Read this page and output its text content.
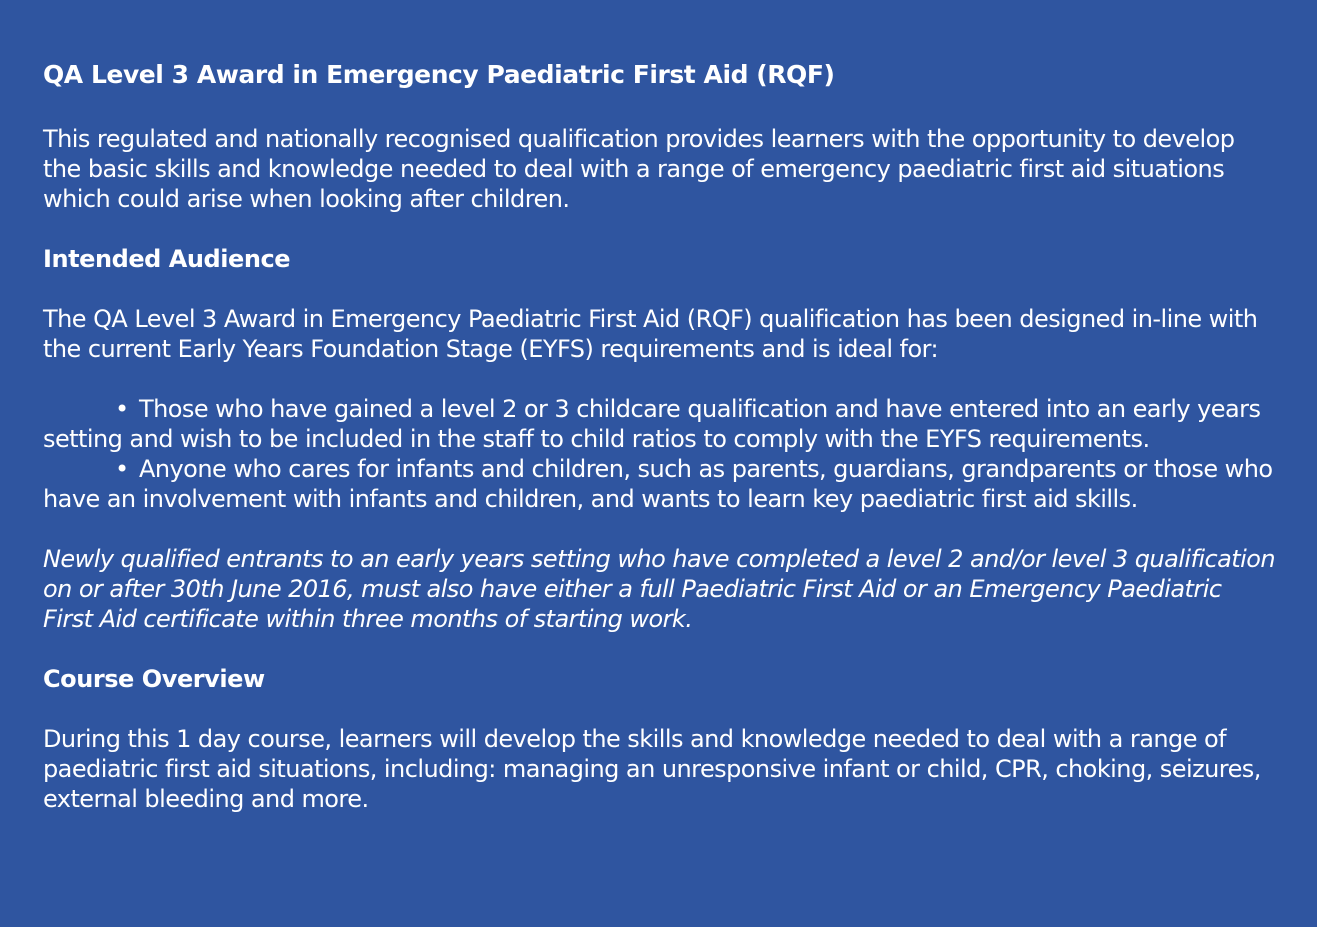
QA Level 3 Award in Emergency Paediatric First Aid (RQF)

This regulated and nationally recognised qualification provides learners with the opportunity to develop the basic skills and knowledge needed to deal with a range of emergency paediatric first aid situations which could arise when looking after children.

Intended Audience

The QA Level 3 Award in Emergency Paediatric First Aid (RQF) qualification has been designed in-line with the current Early Years Foundation Stage (EYFS) requirements and is ideal for:

• Those who have gained a level 2 or 3 childcare qualification and have entered into an early years setting and wish to be included in the staff to child ratios to comply with the EYFS requirements.
• Anyone who cares for infants and children, such as parents, guardians, grandparents or those who have an involvement with infants and children, and wants to learn key paediatric first aid skills.

Newly qualified entrants to an early years setting who have completed a level 2 and/or level 3 qualification on or after 30th June 2016, must also have either a full Paediatric First Aid or an Emergency Paediatric First Aid certificate within three months of starting work.

Course Overview

During this 1 day course, learners will develop the skills and knowledge needed to deal with a range of paediatric first aid situations, including: managing an unresponsive infant or child, CPR, choking, seizures, external bleeding and more.
